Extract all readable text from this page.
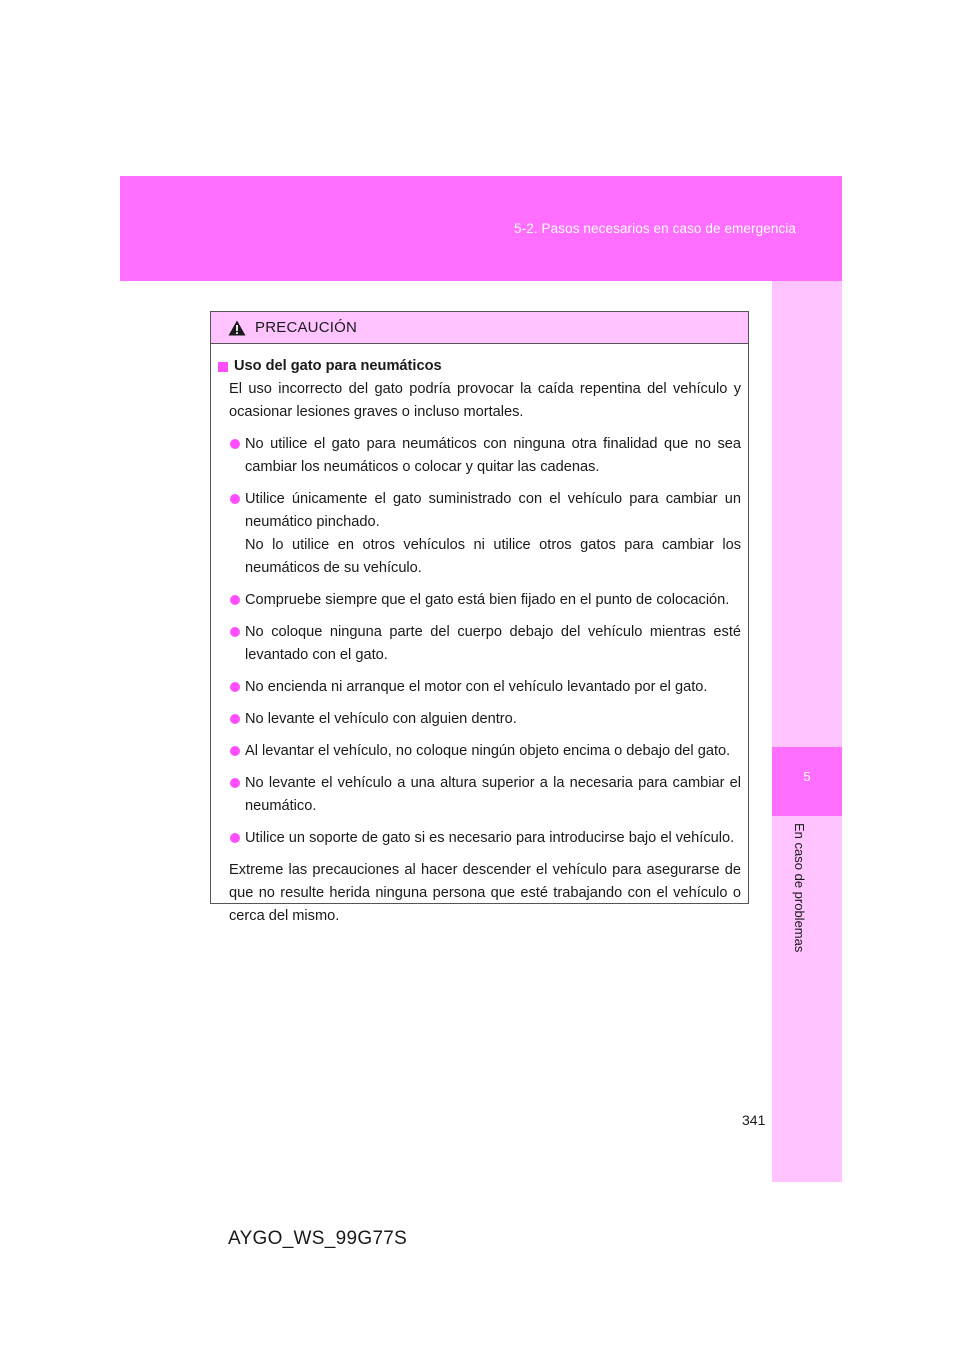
5-2. Pasos necesarios en caso de emergencia
5
En caso de problemas
PRECAUCIÓN
Uso del gato para neumáticos

El uso incorrecto del gato podría provocar la caída repentina del vehículo y ocasionar lesiones graves o incluso mortales.

No utilice el gato para neumáticos con ninguna otra finalidad que no sea cambiar los neumáticos o colocar y quitar las cadenas.
Utilice únicamente el gato suministrado con el vehículo para cambiar un neumático pinchado.
No lo utilice en otros vehículos ni utilice otros gatos para cambiar los neumáticos de su vehículo.
Compruebe siempre que el gato está bien fijado en el punto de colocación.
No coloque ninguna parte del cuerpo debajo del vehículo mientras esté levantado con el gato.
No encienda ni arranque el motor con el vehículo levantado por el gato.
No levante el vehículo con alguien dentro.
Al levantar el vehículo, no coloque ningún objeto encima o debajo del gato.
No levante el vehículo a una altura superior a la necesaria para cambiar el neumático.
Utilice un soporte de gato si es necesario para introducirse bajo el vehículo.

Extreme las precauciones al hacer descender el vehículo para asegurarse de que no resulte herida ninguna persona que esté trabajando con el vehículo o cerca del mismo.

341
AYGO_WS_99G77S
